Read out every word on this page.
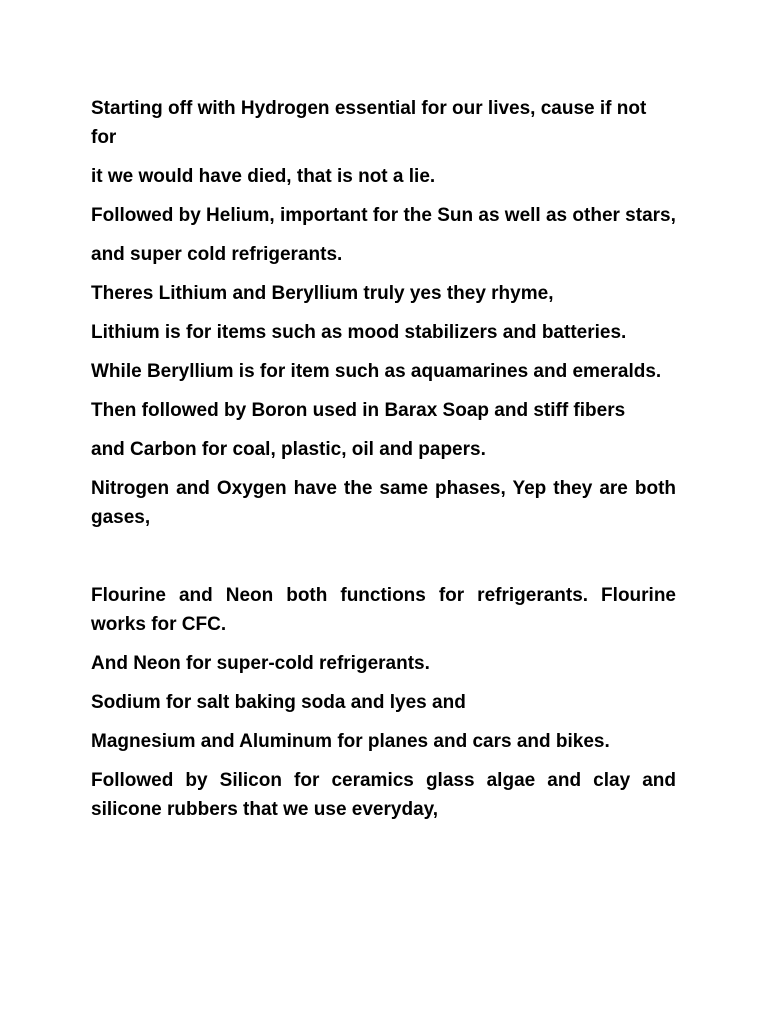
Starting off with Hydrogen essential for our lives, cause if not for

it we would have died, that is not a lie.

Followed by Helium, important for the Sun as well as other stars,

and super cold refrigerants.

Theres Lithium and Beryllium truly yes they rhyme,

Lithium is for items such as mood stabilizers and batteries.

While Beryllium is for item such as aquamarines and emeralds.

Then followed by Boron used in Barax Soap and stiff fibers

and Carbon for coal, plastic, oil and papers.

Nitrogen and Oxygen have the same phases, Yep they are both gases,

Flourine and Neon both functions for refrigerants. Flourine works for CFC.

And Neon for super-cold refrigerants.

Sodium for salt baking soda and lyes and

Magnesium and Aluminum for planes and cars and bikes.

Followed by Silicon for ceramics glass algae and clay and silicone rubbers that we use everyday,
